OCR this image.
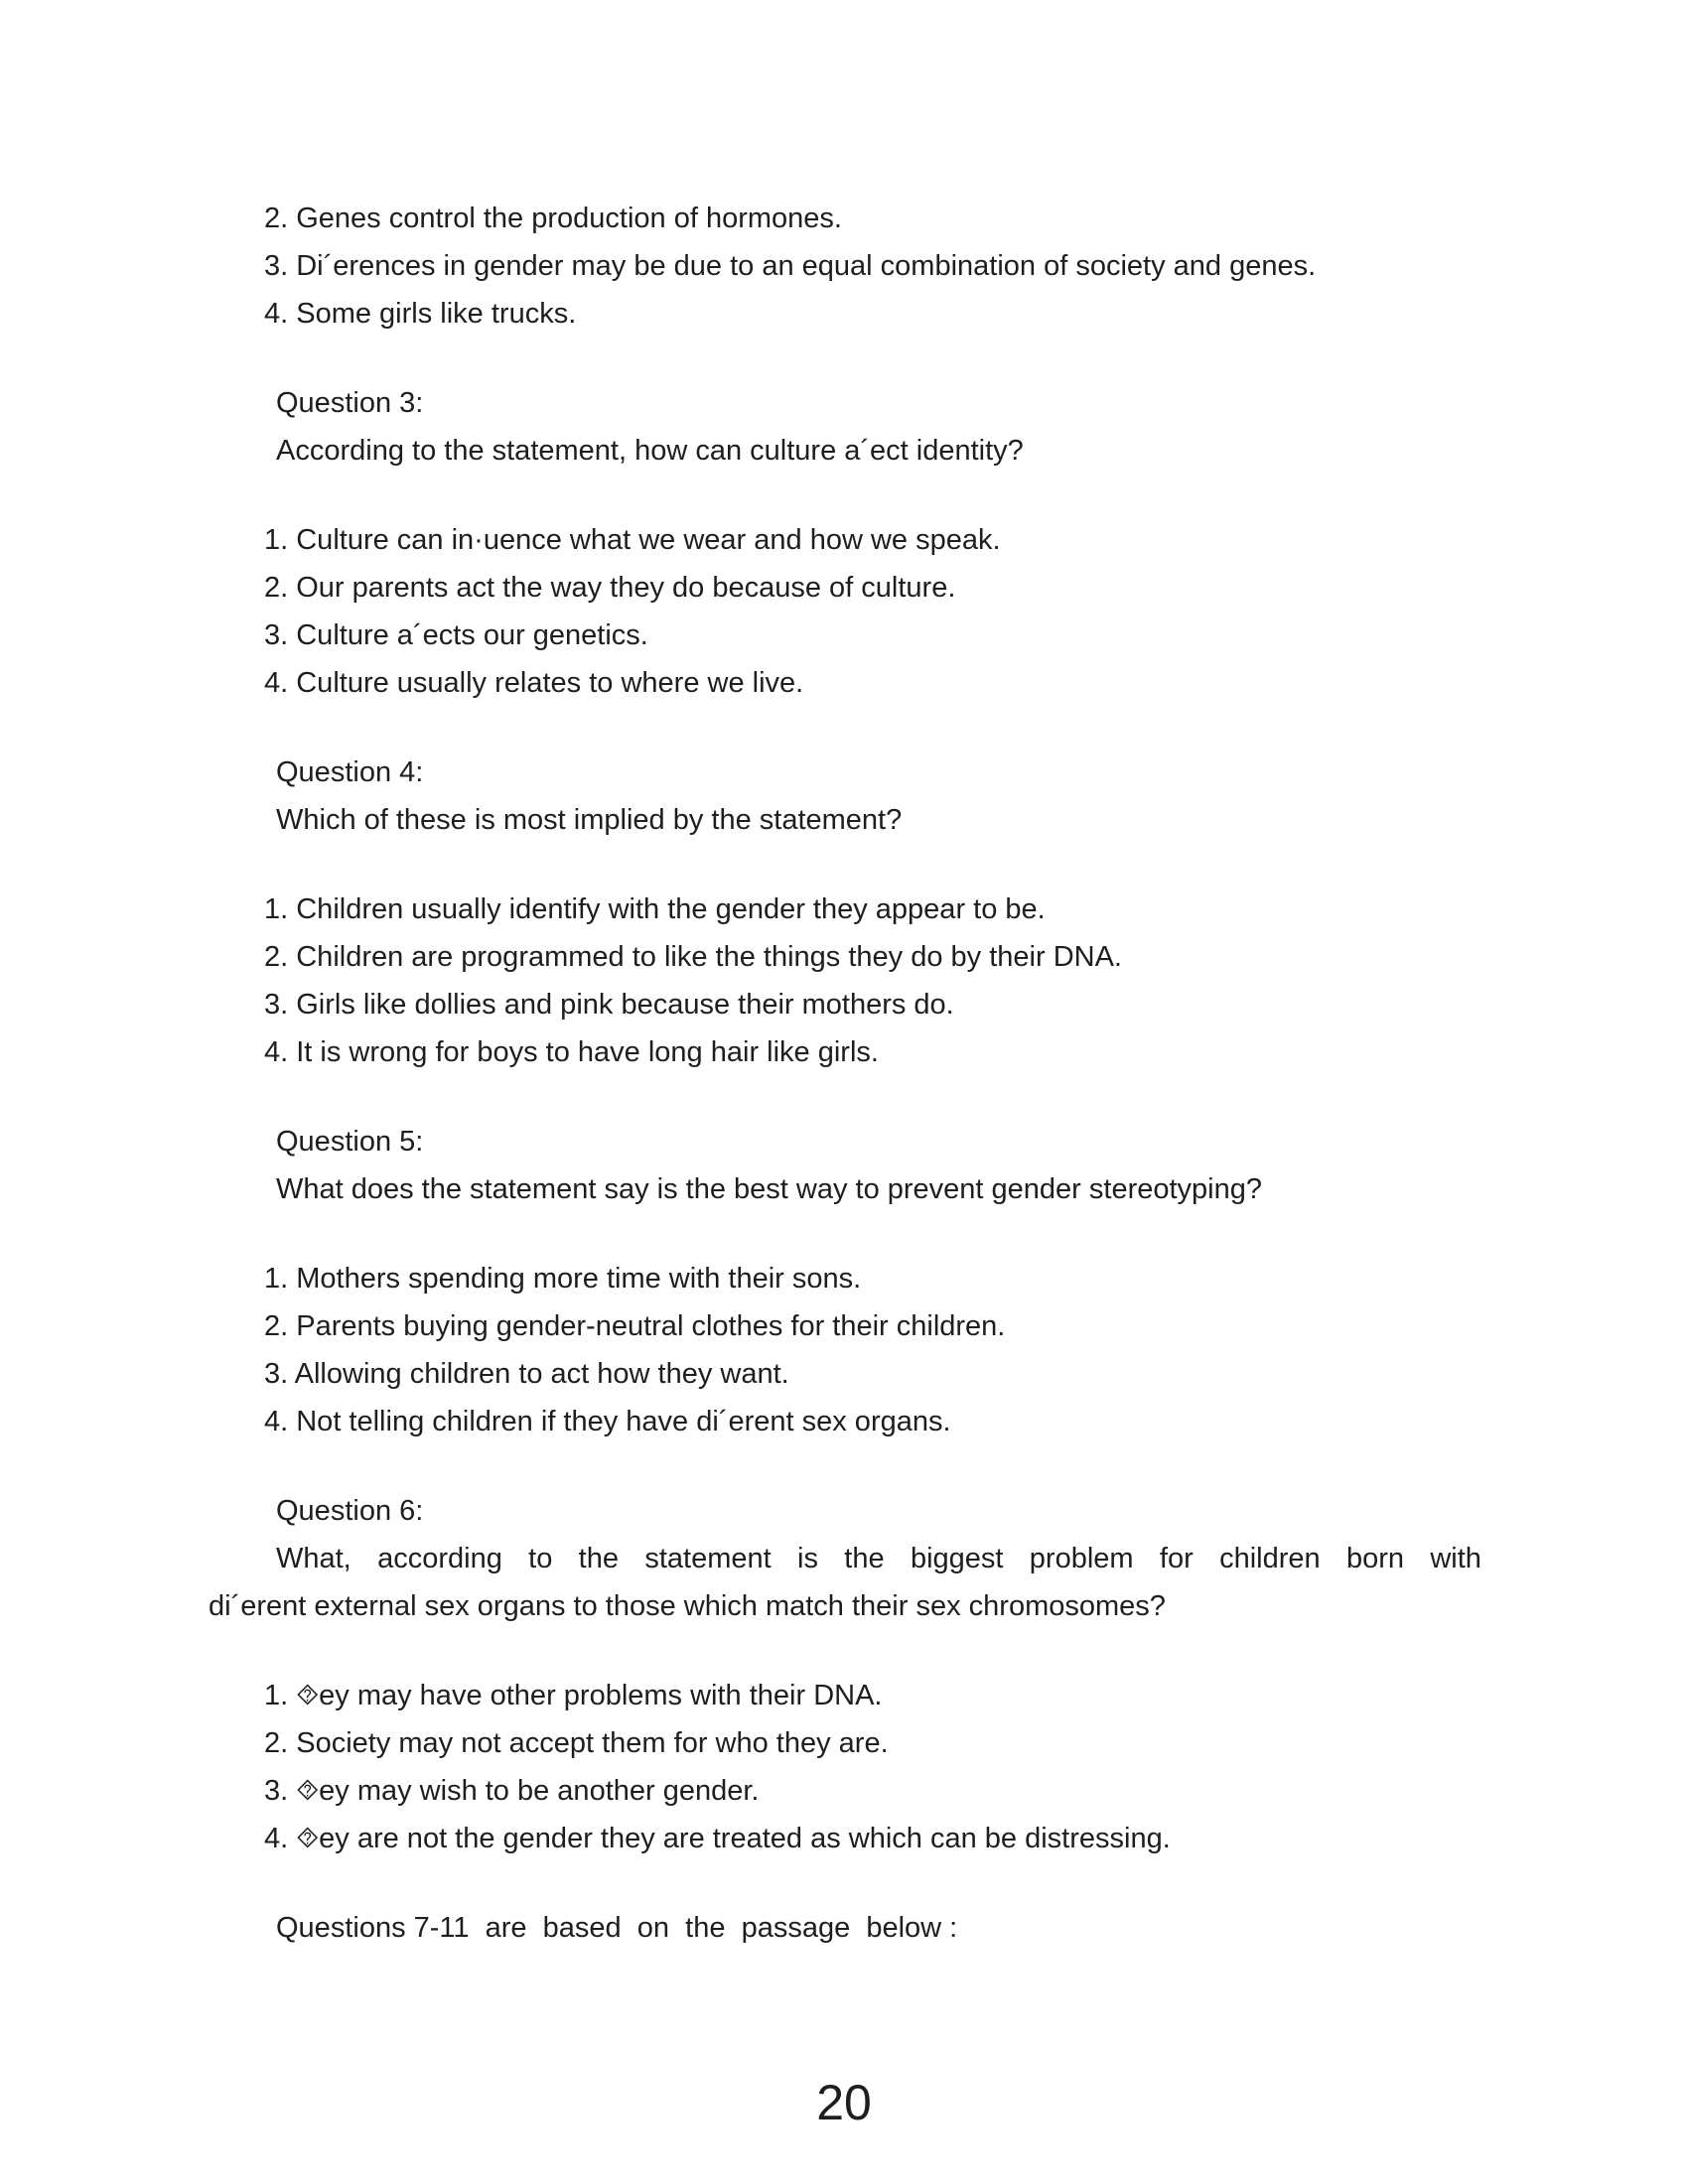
2. Genes control the production of hormones.
3. Di´erences in gender may be due to an equal combination of society and genes.
4. Some girls like trucks.
Question 3:
According to the statement, how can culture a´ect identity?
1. Culture can in·uence what we wear and how we speak.
2. Our parents act the way they do because of culture.
3. Culture a´ects our genetics.
4. Culture usually relates to where we live.
Question 4:
Which of these is most implied by the statement?
1. Children usually identify with the gender they appear to be.
2. Children are programmed to like the things they do by their DNA.
3. Girls like dollies and pink because their mothers do.
4. It is wrong for boys to have long hair like girls.
Question 5:
What does the statement say is the best way to prevent gender stereotyping?
1. Mothers spending more time with their sons.
2. Parents buying gender-neutral clothes for their children.
3. Allowing children to act how they want.
4. Not telling children if they have di´erent sex organs.
Question 6:
What, according to the statement is the biggest problem for children born with
di´erent external sex organs to those which match their sex chromosomes?
1. ⯑ey may have other problems with their DNA.
2. Society may not accept them for who they are.
3. ⯑ey may wish to be another gender.
4. ⯑ey are not the gender they are treated as which can be distressing.
Questions 7-11  are  based  on  the  passage  below :
20
